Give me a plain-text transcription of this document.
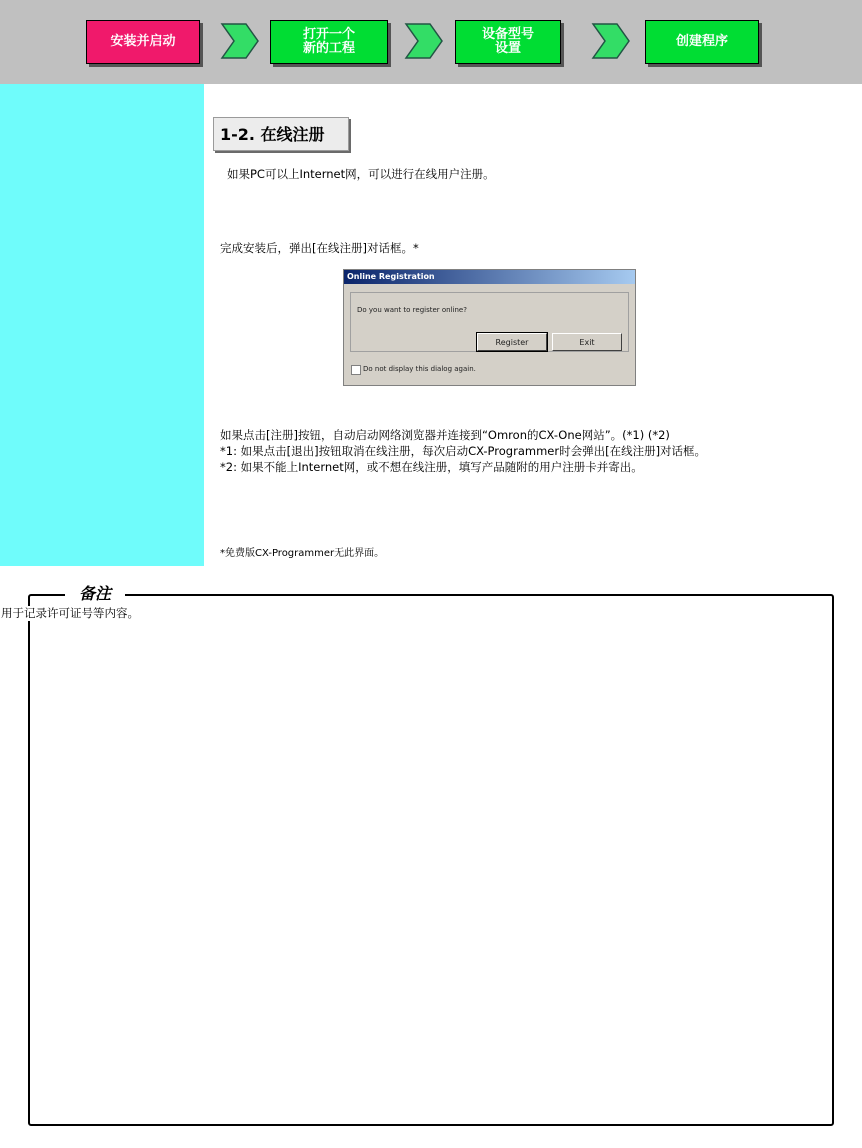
安装并启动	打开一个
新的工程
设备型号
设置	创建程序
1-2. 在线注册
如果PC可以上Internet网，可以进行在线用户注册。
完成安装后，弹出[在线注册]对话框。*
Online Registration
Do you want to register online?
Register	Exit
Do not display this dialog again.
如果点击[注册]按钮，自动启动网络浏览器并连接到“Omron的CX-One网站”。(*1) (*2)
*1: 如果点击[退出]按钮取消在线注册，每次启动CX-Programmer时会弹出[在线注册]对话框。
*2: 如果不能上Internet网，或不想在线注册，填写产品随附的用户注册卡并寄出。
*免费版CX-Programmer无此界面。
备注
用于记录许可证号等内容。
